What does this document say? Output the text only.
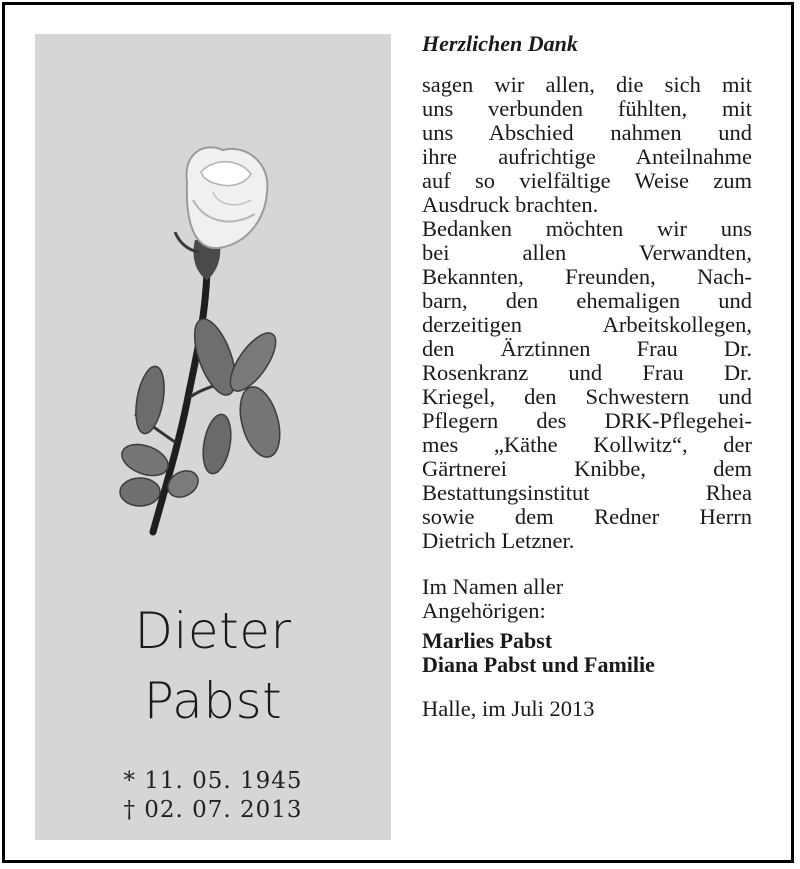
Dieter
Pabst
* 11. 05. 1945
† 02. 07. 2013
Herzlichen Dank
sagen wir allen, die sich mit
uns verbunden fühlten, mit
uns Abschied nahmen und
ihre aufrichtige Anteilnahme
auf so vielfältige Weise zum
Ausdruck brachten.
Bedanken möchten wir uns
bei allen Verwandten,
Bekannten, Freunden, Nach-
barn, den ehemaligen und
derzeitigen Arbeitskollegen,
den Ärztinnen Frau Dr.
Rosenkranz und Frau Dr.
Kriegel, den Schwestern und
Pflegern des DRK-Pflegehei-
mes „Käthe Kollwitz“, der
Gärtnerei Knibbe, dem
Bestattungsinstitut Rhea
sowie dem Redner Herrn
Dietrich Letzner.
Im Namen aller
Angehörigen:
Marlies Pabst
Diana Pabst und Familie
Halle, im Juli 2013
